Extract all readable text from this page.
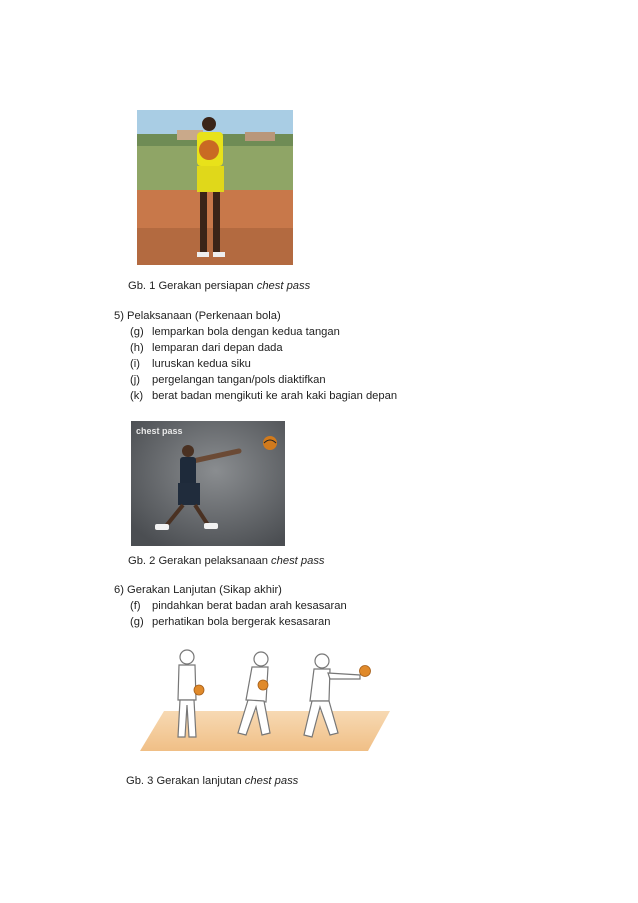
Gb. 1 Gerakan persiapan chest pass
5) Pelaksanaan (Perkenaan bola)
(g) lemparkan bola dengan kedua tangan
(h) lemparan dari depan dada
(i) luruskan kedua siku
(j) pergelangan tangan/pols diaktifkan
(k) berat badan mengikuti ke arah kaki bagian depan
chest pass
Gb. 2 Gerakan pelaksanaan chest pass
6) Gerakan Lanjutan (Sikap akhir)
(f) pindahkan berat badan arah kesasaran
(g) perhatikan bola bergerak kesasaran
Gb. 3 Gerakan lanjutan chest pass
